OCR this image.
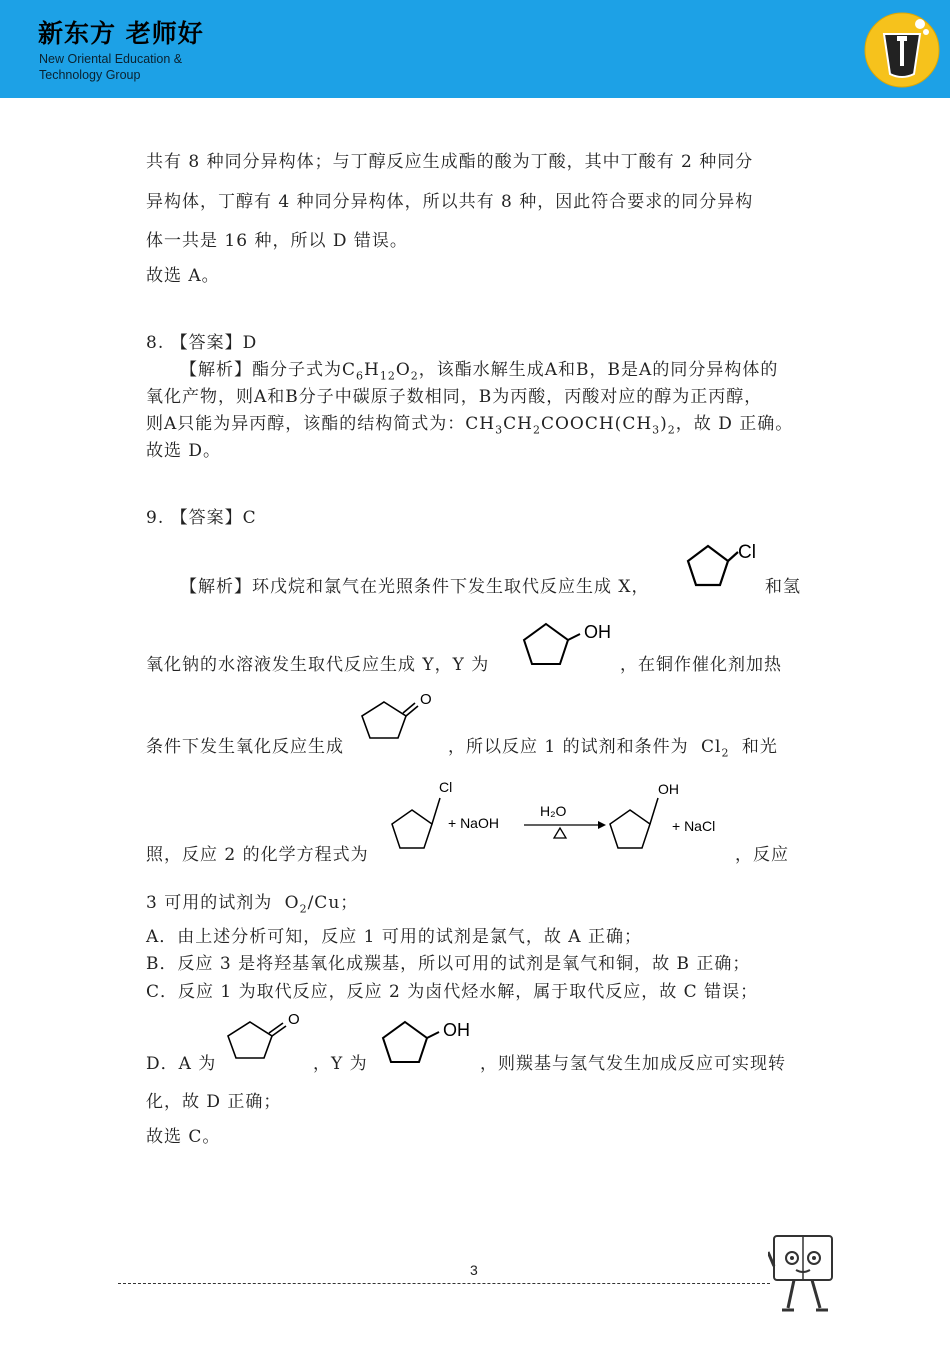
新东方 老师好
New Oriental Education &
Technology Group
共有 8 种同分异构体；与丁醇反应生成酯的酸为丁酸，其中丁酸有 2 种同分
异构体，丁醇有 4 种同分异构体，所以共有 8 种，因此符合要求的同分异构
体一共是 16 种，所以 D 错误。
故选 A。
8. 【答案】D
【解析】酯分子式为$C_6H_{12}O_2$，该酯水解生成A和B，B是A的同分异构体的
氧化产物，则A和B分子中碳原子数相同，B为丙酸，丙酸对应的醇为正丙醇，
则A只能为异丙醇，该酯的结构简式为：$CH_3CH_2COOCH(CH_3)_2$，故 D 正确。
故选 D。
9. 【答案】C
【解析】环戊烷和氯气在光照条件下发生取代反应生成 X，
Cl
和氢
氧化钠的水溶液发生取代反应生成 Y，Y 为
OH
，在铜作催化剂加热
条件下发生氧化反应生成
O
，所以反应 1 的试剂和条件为 $Cl_2$ 和光
照，反应 2 的化学方程式为
Cl
+ NaOH
H₂O
OH
+ NaCl
，反应
3 可用的试剂为 $O_2/Cu$；
A．由上述分析可知，反应 1 可用的试剂是氯气，故 A 正确；
B．反应 3 是将羟基氧化成羰基，所以可用的试剂是氧气和铜，故 B 正确；
C．反应 1 为取代反应，反应 2 为卤代烃水解，属于取代反应，故 C 错误；
D．A 为
O
，Y 为
OH
，则羰基与氢气发生加成反应可实现转
化，故 D 正确；
故选 C。
3
